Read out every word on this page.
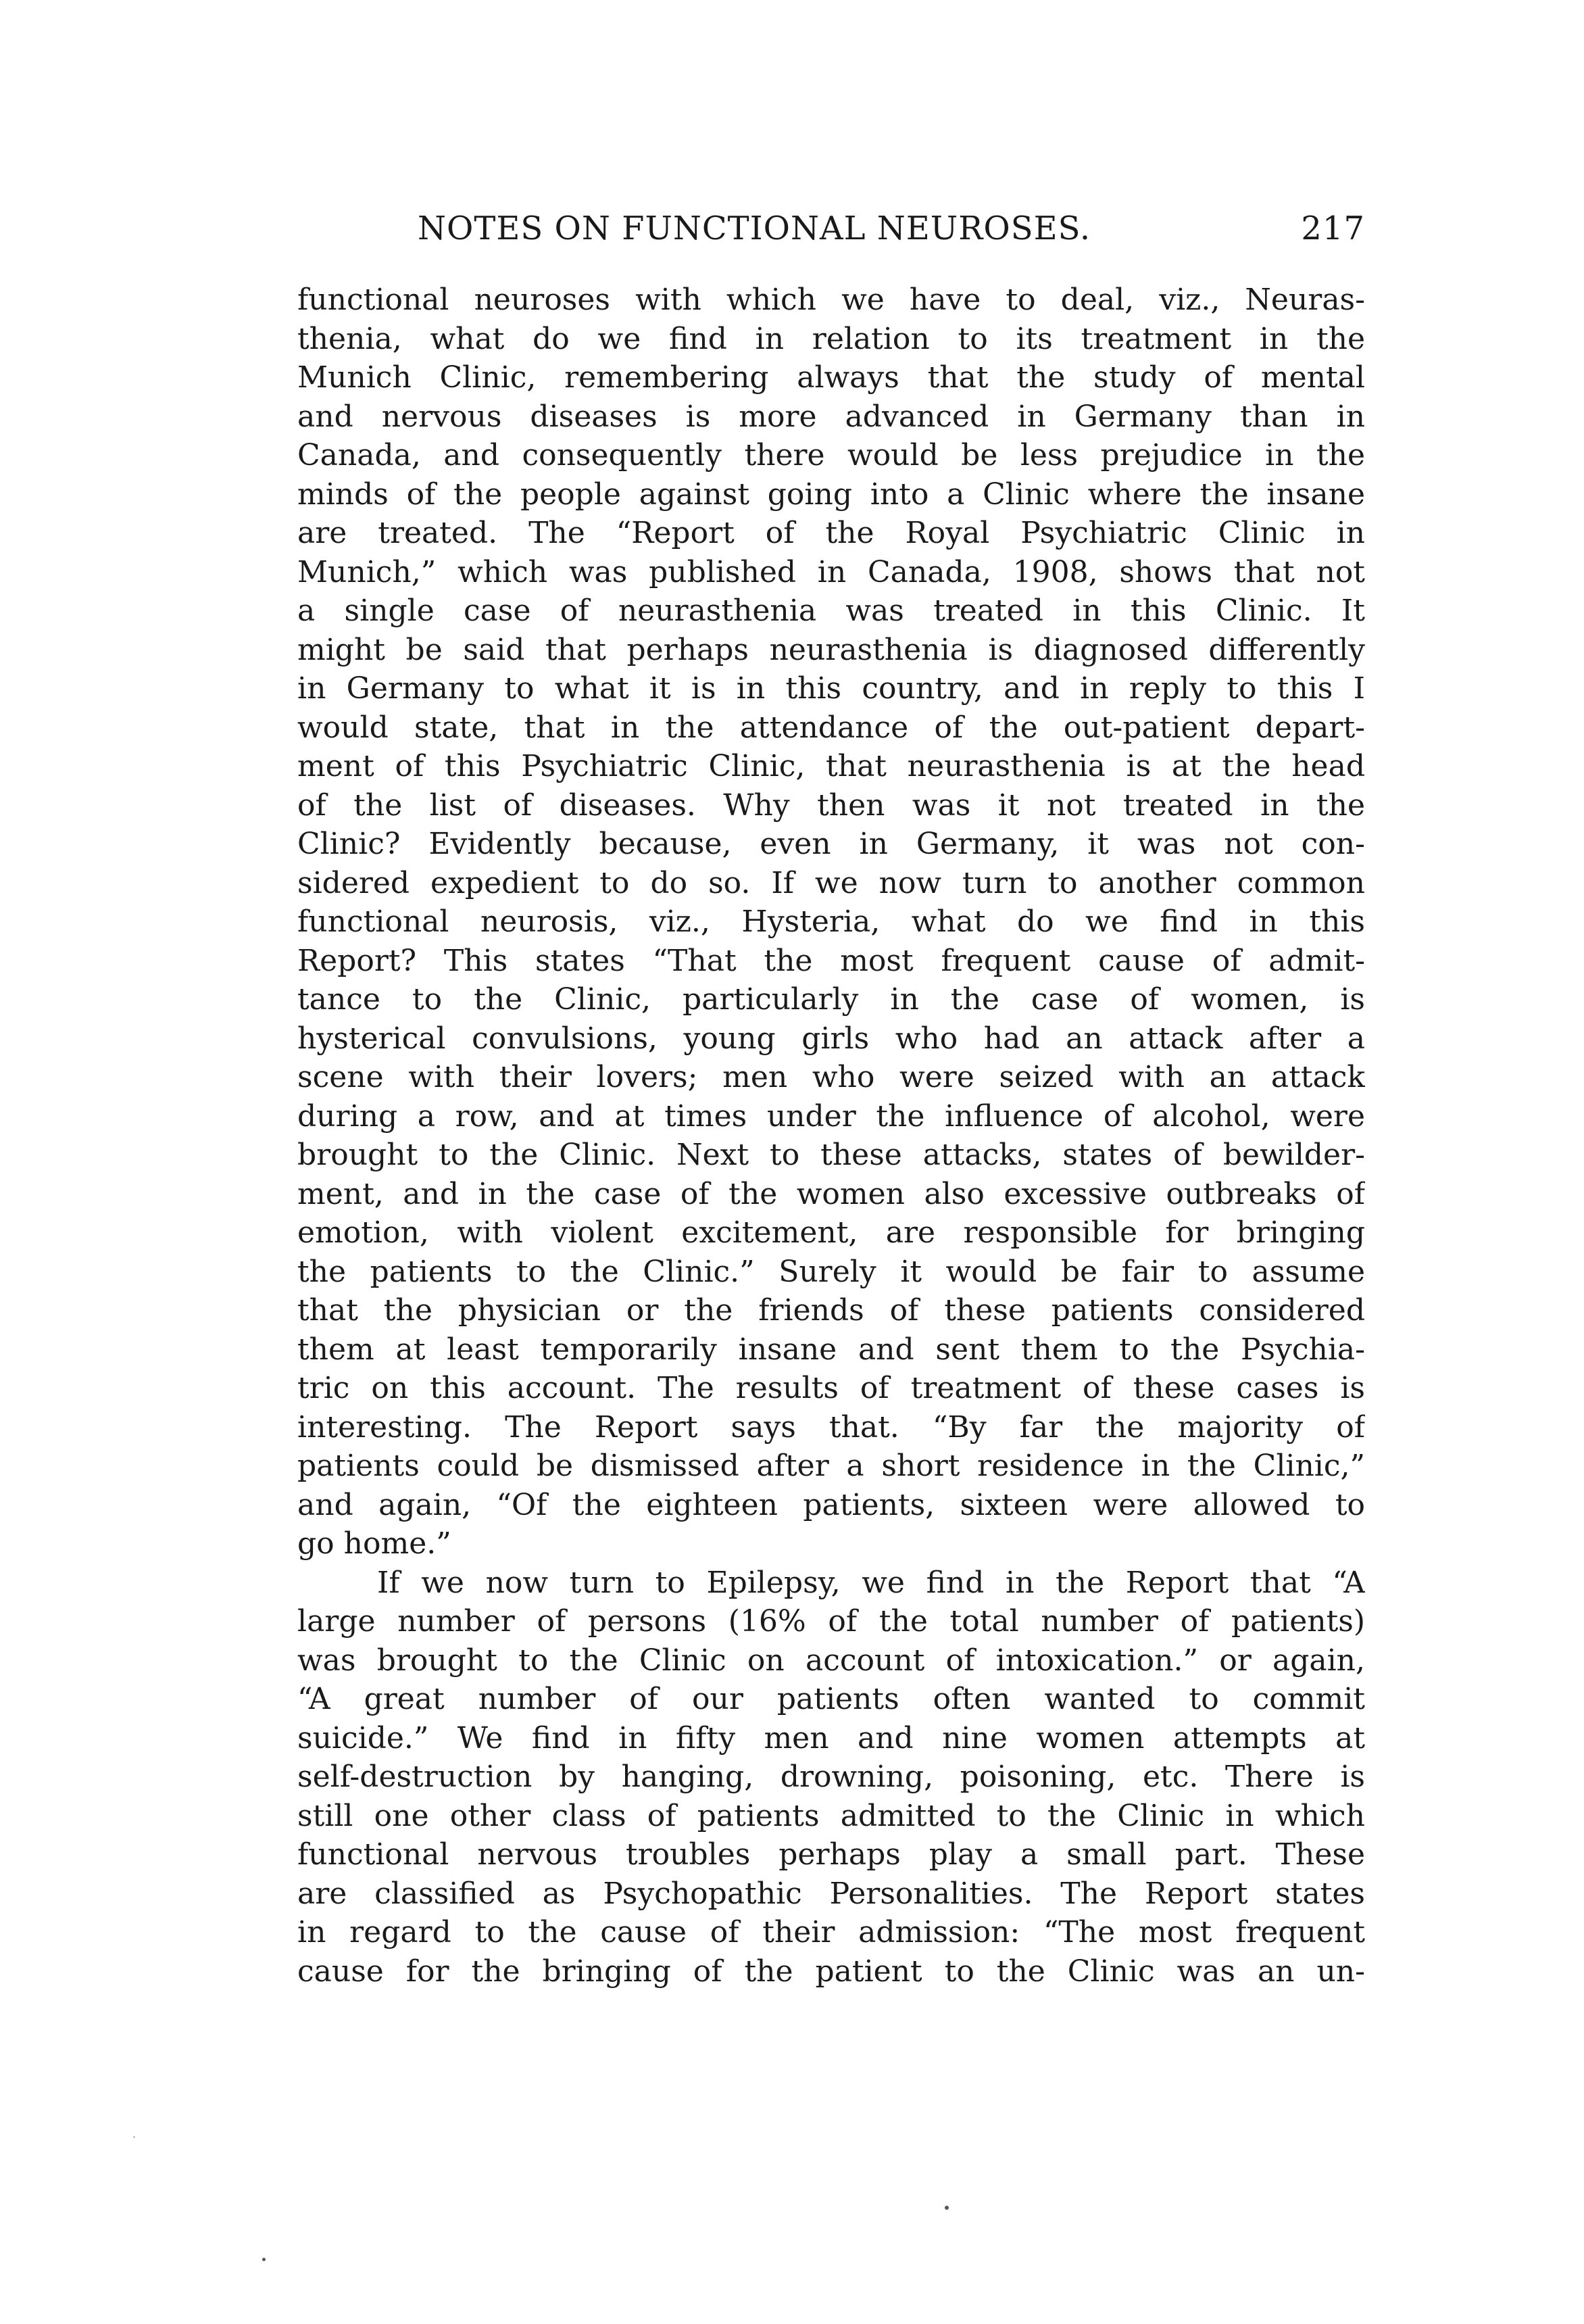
NOTES ON FUNCTIONAL NEUROSES.	217
functional neuroses with which we have to deal, viz., Neuras-
thenia, what do we find in relation to its treatment in the
Munich Clinic, remembering always that the study of mental
and nervous diseases is more advanced in Germany than in
Canada, and consequently there would be less prejudice in the
minds of the people against going into a Clinic where the insane
are treated. The “Report of the Royal Psychiatric Clinic in
Munich,” which was published in Canada, 1908, shows that not
a single case of neurasthenia was treated in this Clinic. It
might be said that perhaps neurasthenia is diagnosed differently
in Germany to what it is in this country, and in reply to this I
would state, that in the attendance of the out-patient depart-
ment of this Psychiatric Clinic, that neurasthenia is at the head
of the list of diseases. Why then was it not treated in the
Clinic? Evidently because, even in Germany, it was not con-
sidered expedient to do so. If we now turn to another common
functional neurosis, viz., Hysteria, what do we find in this
Report? This states “That the most frequent cause of admit-
tance to the Clinic, particularly in the case of women, is
hysterical convulsions, young girls who had an attack after a
scene with their lovers; men who were seized with an attack
during a row, and at times under the influence of alcohol, were
brought to the Clinic. Next to these attacks, states of bewilder-
ment, and in the case of the women also excessive outbreaks of
emotion, with violent excitement, are responsible for bringing
the patients to the Clinic.” Surely it would be fair to assume
that the physician or the friends of these patients considered
them at least temporarily insane and sent them to the Psychia-
tric on this account. The results of treatment of these cases is
interesting. The Report says that. “By far the majority of
patients could be dismissed after a short residence in the Clinic,”
and again, “Of the eighteen patients, sixteen were allowed to
go home.”
If we now turn to Epilepsy, we find in the Report that “A
large number of persons (16% of the total number of patients)
was brought to the Clinic on account of intoxication.” or again,
“A great number of our patients often wanted to commit
suicide.” We find in fifty men and nine women attempts at
self-destruction by hanging, drowning, poisoning, etc. There is
still one other class of patients admitted to the Clinic in which
functional nervous troubles perhaps play a small part. These
are classified as Psychopathic Personalities. The Report states
in regard to the cause of their admission: “The most frequent
cause for the bringing of the patient to the Clinic was an un-
